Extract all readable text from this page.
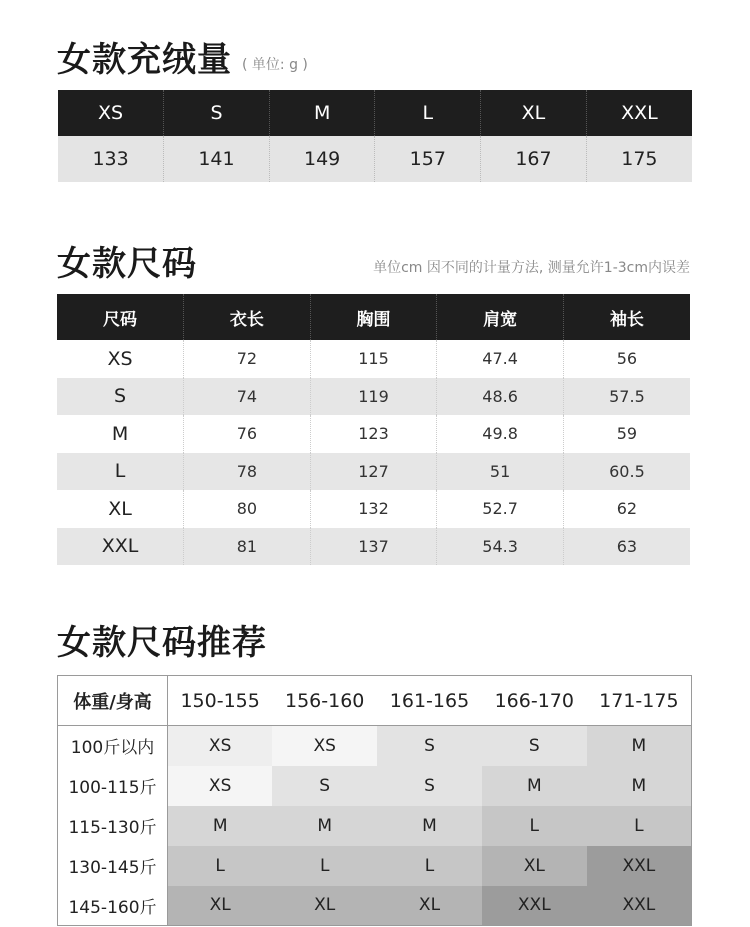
女款充绒量 ( 单位: g )
XS	S	M	L	XL	XXL
133	141	149	157	167	175
女款尺码	单位cm 因不同的计量方法, 测量允许1-3cm内误差
尺码	衣长	胸围	肩宽	袖长
XS	72	115	47.4	56
S	74	119	48.6	57.5
M	76	123	49.8	59
L	78	127	51	60.5
XL	80	132	52.7	62
XXL	81	137	54.3	63
女款尺码推荐
体重/身高	150-155	156-160	161-165	166-170	171-175
100斤以内	XS	XS	S	S	M
100-115斤	XS	S	S	M	M
115-130斤	M	M	M	L	L
130-145斤	L	L	L	XL	XXL
145-160斤	XL	XL	XL	XXL	XXL
